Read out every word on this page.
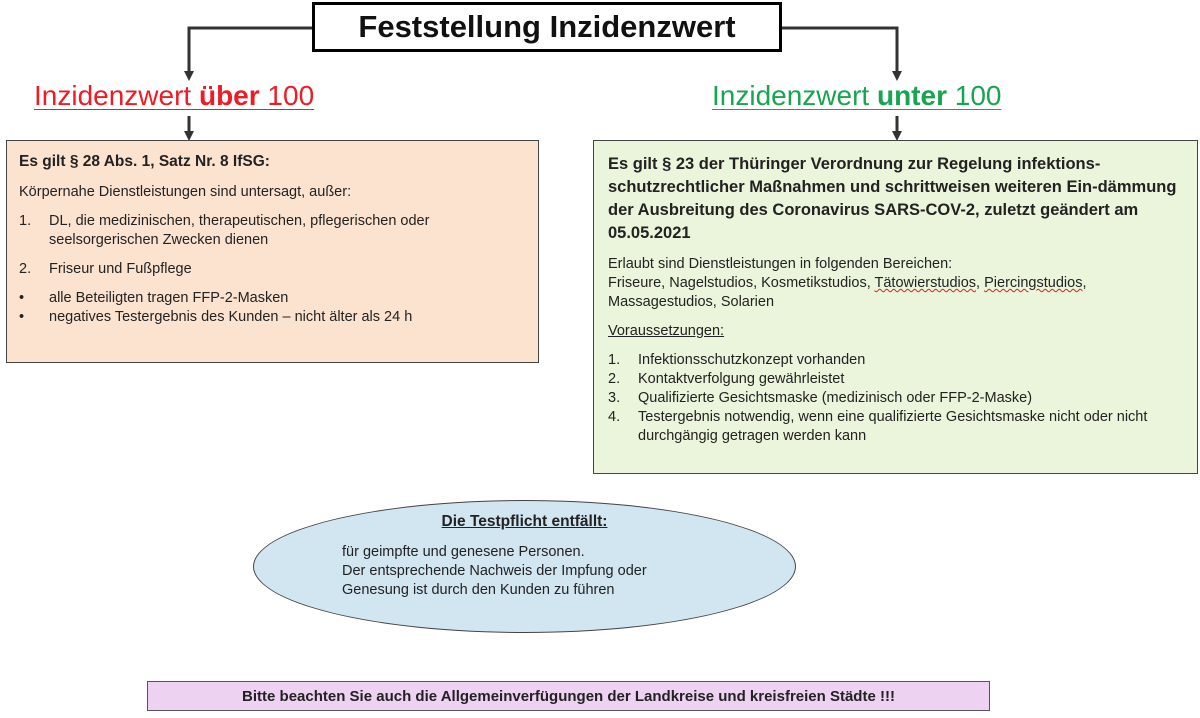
Feststellung Inzidenzwert
Inzidenzwert über 100	Inzidenzwert unter 100
Es gilt § 28 Abs. 1, Satz Nr. 8 IfSG:
Körpernahe Dienstleistungen sind untersagt, außer:
1.	DL, die medizinischen, therapeutischen, pflegerischen oder seelsorgerischen Zwecken dienen
2.	Friseur und Fußpflege
•	alle Beteiligten tragen FFP-2-Masken
•	negatives Testergebnis des Kunden – nicht älter als 24 h
Es gilt § 23 der Thüringer Verordnung zur Regelung infektions-schutzrechtlicher Maßnahmen und schrittweisen weiteren Ein-dämmung der Ausbreitung des Coronavirus SARS-COV-2, zuletzt geändert am 05.05.2021
Erlaubt sind Dienstleistungen in folgenden Bereichen:
Friseure, Nagelstudios, Kosmetikstudios, Tätowierstudios, Piercingstudios, Massagestudios, Solarien
Voraussetzungen:
1.	Infektionsschutzkonzept vorhanden
2.	Kontaktverfolgung gewährleistet
3.	Qualifizierte Gesichtsmaske (medizinisch oder FFP-2-Maske)
4.	Testergebnis notwendig, wenn eine qualifizierte Gesichtsmaske nicht oder nicht durchgängig getragen werden kann
Die Testpflicht entfällt:
für geimpfte und genesene Personen.
Der entsprechende Nachweis der Impfung oder
Genesung ist durch den Kunden zu führen
Bitte beachten Sie auch die Allgemeinverfügungen der Landkreise und kreisfreien Städte !!!
